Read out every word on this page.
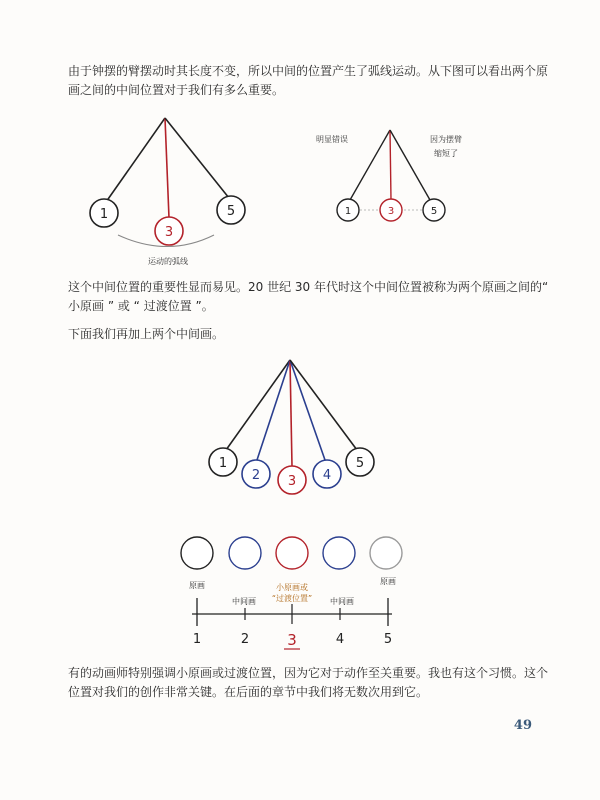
由于钟摆的臂摆动时其长度不变，所以中间的位置产生了弧线运动。从下图可以看出两个原画之间的中间位置对于我们有多么重要。

1
3
5
运动的弧线
1	3	5
明显错误	因为摆臂
缩短了
1
2 3 4
5
原画	原画
中间画	中间画
小原画或
“过渡位置”
1	2	3	4	5

这个中间位置的重要性显而易见。20 世纪 30 年代时这个中间位置被称为两个原画之间的“ 小原画 ” 或 “ 过渡位置 ”。

下面我们再加上两个中间画。

有的动画师特别强调小原画或过渡位置，因为它对于动作至关重要。我也有这个习惯。这个位置对我们的创作非常关键。在后面的章节中我们将无数次用到它。

49
